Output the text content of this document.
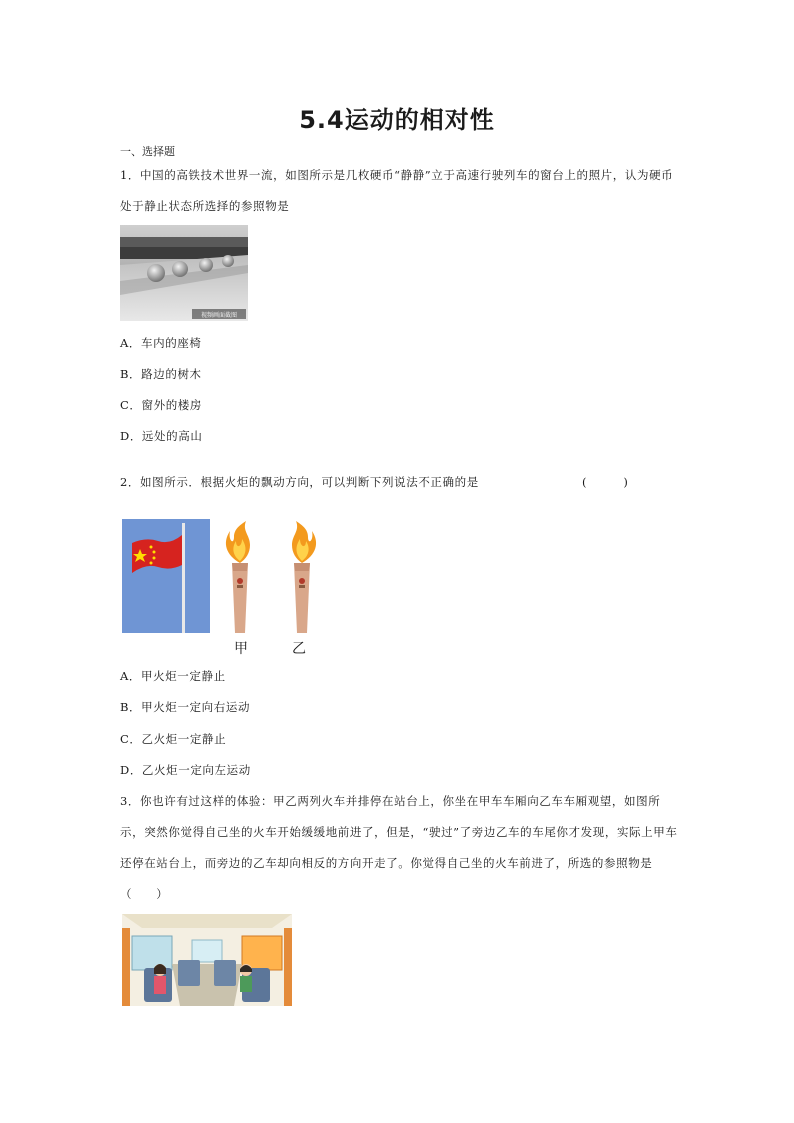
5.4运动的相对性
一、选择题
1．中国的高铁技术世界一流，如图所示是几枚硬币“静静”立于高速行驶列车的窗台上的照片，认为硬币处于静止状态所选择的参照物是
视频画面截图
A．车内的座椅
B．路边的树木
C．窗外的楼房
D．远处的高山
2．如图所示．根据火炬的飘动方向，可以判断下列说法不正确的是	(　　　)
甲	乙
A．甲火炬一定静止
B．甲火炬一定向右运动
C．乙火炬一定静止
D．乙火炬一定向左运动
3．你也许有过这样的体验：甲乙两列火车并排停在站台上，你坐在甲车车厢向乙车车厢观望，如图所示，突然你觉得自己坐的火车开始缓缓地前进了，但是，“驶过”了旁边乙车的车尾你才发现，实际上甲车还停在站台上，而旁边的乙车却向相反的方向开走了。你觉得自己坐的火车前进了，所选的参照物是（　　）
